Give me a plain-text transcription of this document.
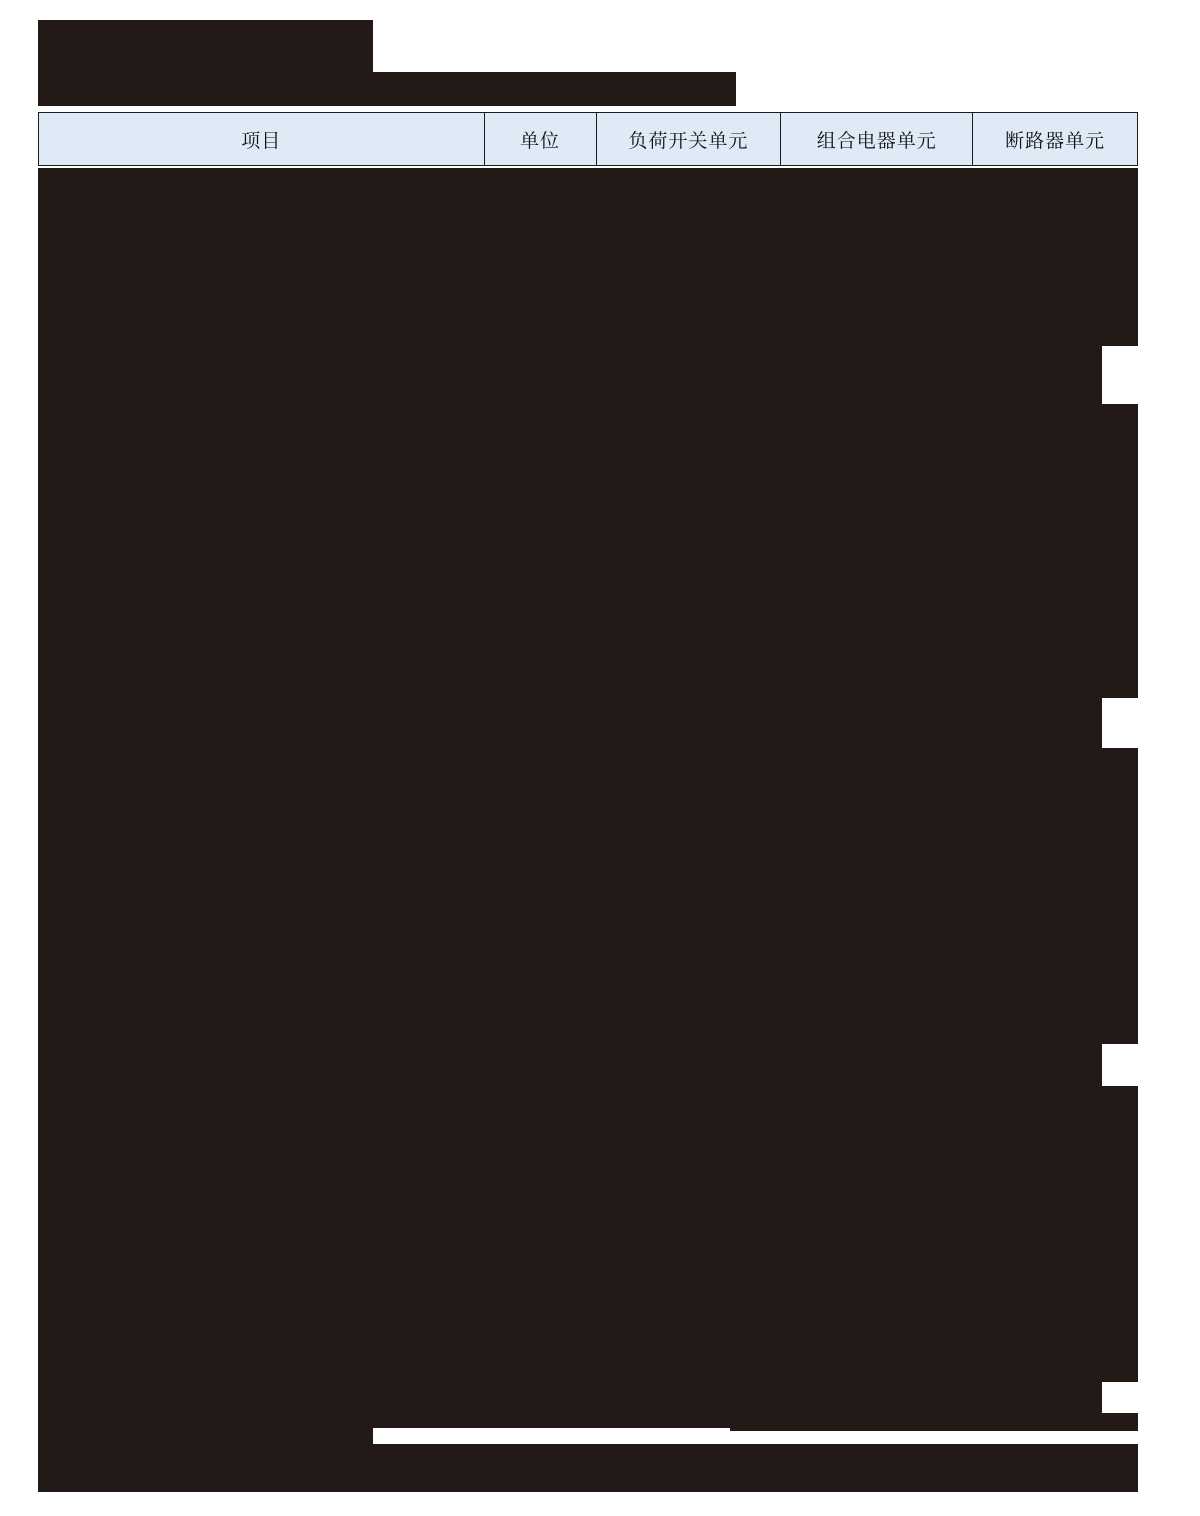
项目	单位	负荷开关单元	组合电器单元	断路器单元
